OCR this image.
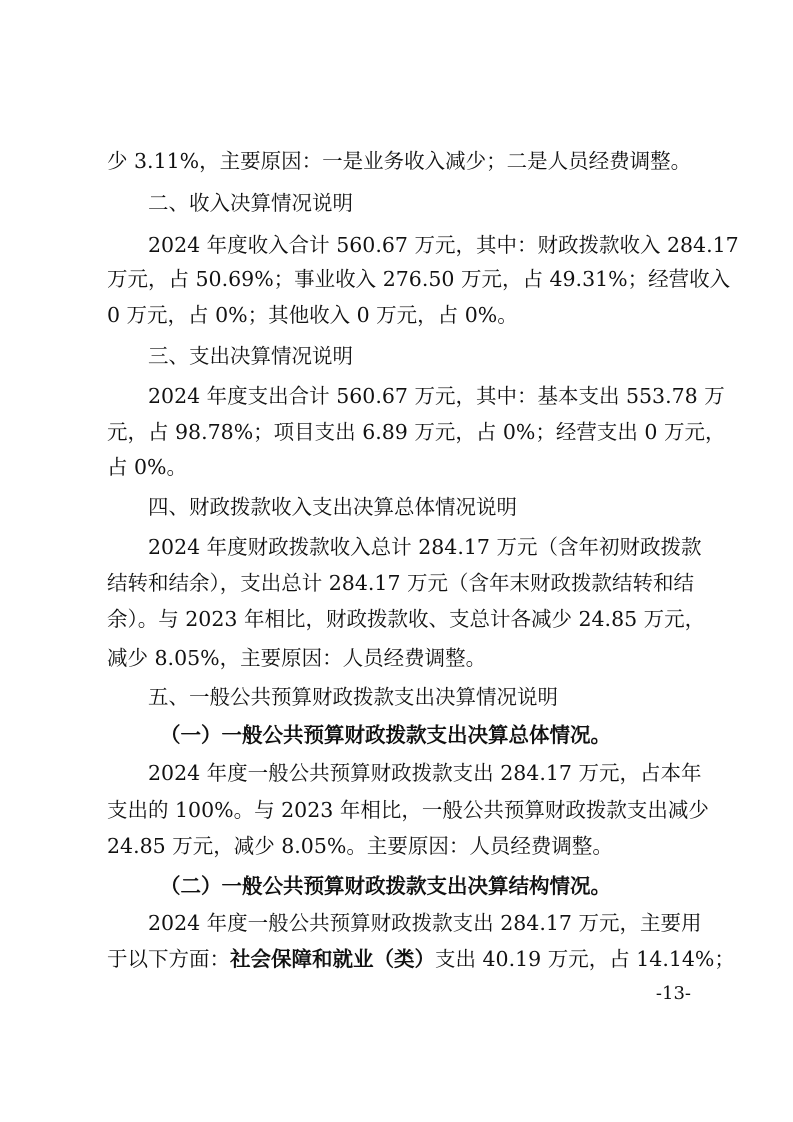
少 3.11%，主要原因：一是业务收入减少；二是人员经费调整。
二、收入决算情况说明
2024 年度收入合计 560.67 万元，其中：财政拨款收入 284.17
万元，占 50.69%；事业收入 276.50 万元，占 49.31%；经营收入
0 万元，占 0%；其他收入 0 万元，占 0%。
三、支出决算情况说明
2024 年度支出合计 560.67 万元，其中：基本支出 553.78 万
元，占 98.78%；项目支出 6.89 万元，占 0%；经营支出 0 万元，
占 0%。
四、财政拨款收入支出决算总体情况说明
2024 年度财政拨款收入总计 284.17 万元（含年初财政拨款
结转和结余），支出总计 284.17 万元（含年末财政拨款结转和结
余）。与 2023 年相比，财政拨款收、支总计各减少 24.85 万元，
减少 8.05%，主要原因：人员经费调整。
五、一般公共预算财政拨款支出决算情况说明
（一）一般公共预算财政拨款支出决算总体情况。
2024 年度一般公共预算财政拨款支出 284.17 万元，占本年
支出的 100%。与 2023 年相比，一般公共预算财政拨款支出减少
24.85 万元，减少 8.05%。主要原因：人员经费调整。
（二）一般公共预算财政拨款支出决算结构情况。
2024 年度一般公共预算财政拨款支出 284.17 万元，主要用
于以下方面：社会保障和就业（类）支出 40.19 万元，占 14.14%；
-13-
